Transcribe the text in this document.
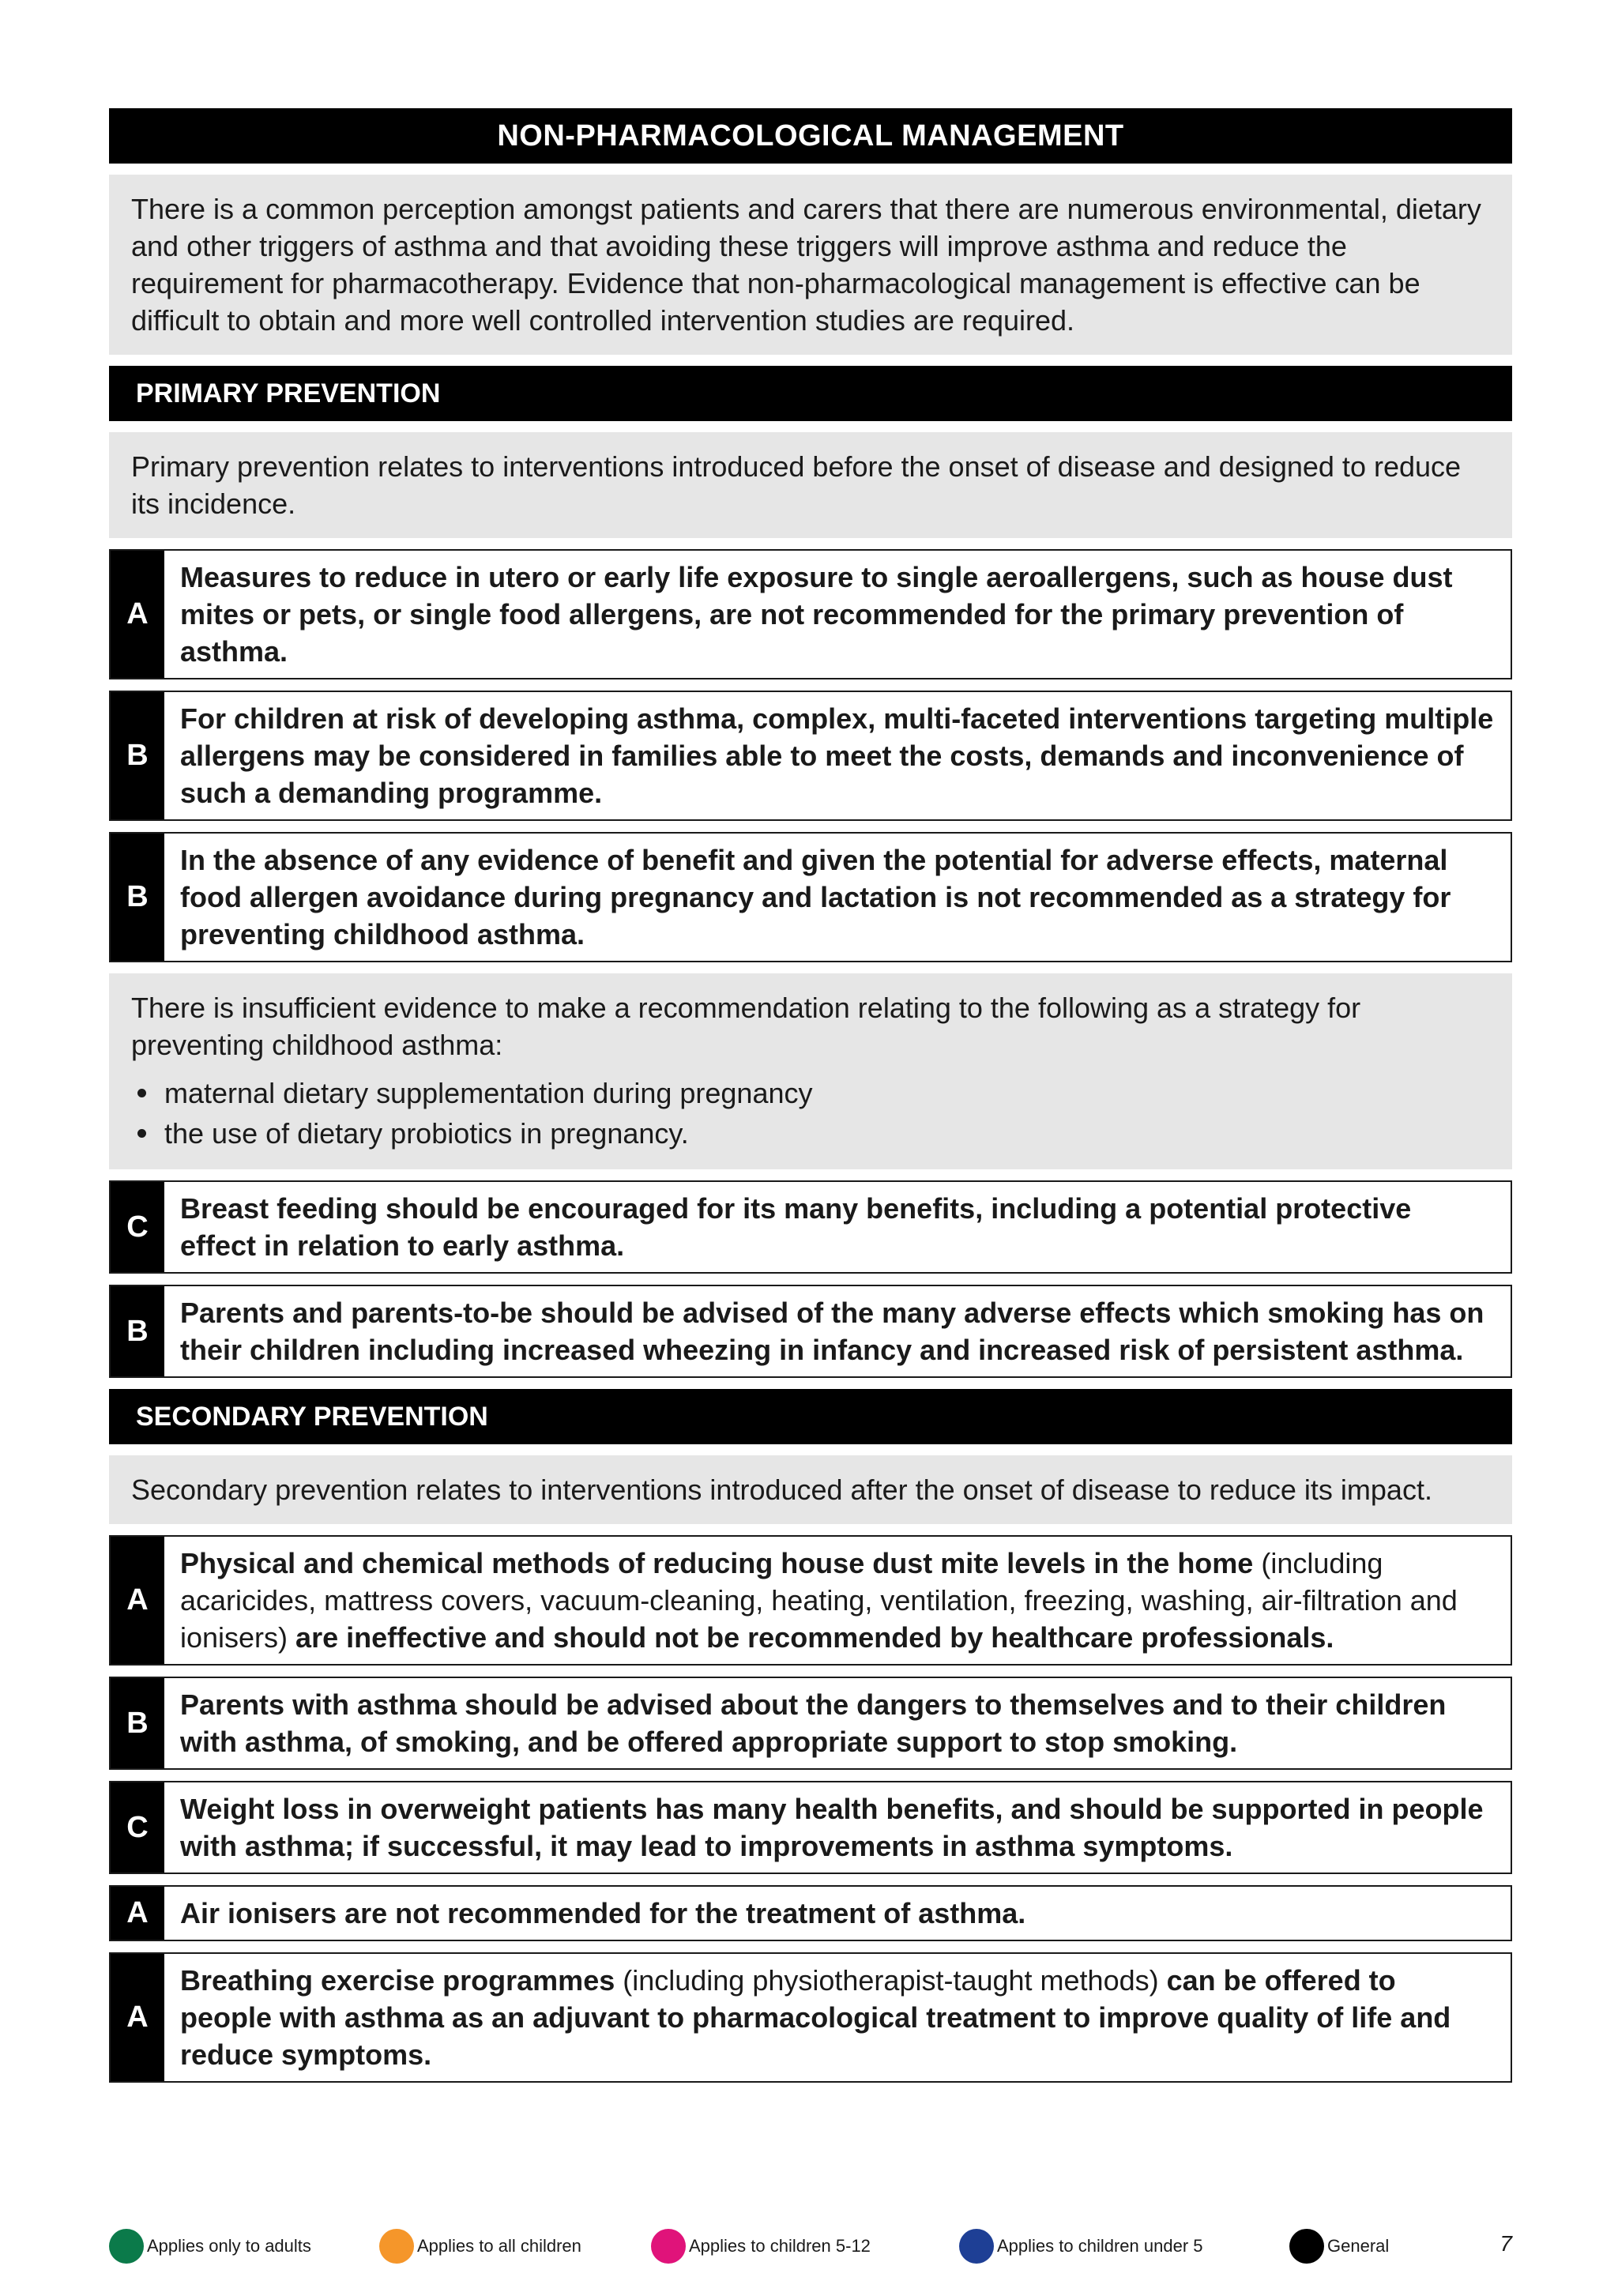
NON-PHARMACOLOGICAL MANAGEMENT

There is a common perception amongst patients and carers that there are numerous environmental, dietary and other triggers of asthma and that avoiding these triggers will improve asthma and reduce the requirement for pharmacotherapy. Evidence that non-pharmacological management is effective can be difficult to obtain and more well controlled intervention studies are required.

PRIMARY PREVENTION

Primary prevention relates to interventions introduced before the onset of disease and designed to reduce its incidence.

A
Measures to reduce in utero or early life exposure to single aeroallergens, such as house dust mites or pets, or single food allergens, are not recommended for the primary prevention of asthma.
B
For children at risk of developing asthma, complex, multi-faceted interventions targeting multiple allergens may be considered in families able to meet the costs, demands and inconvenience of such a demanding programme.
B
In the absence of any evidence of benefit and given the potential for adverse effects, maternal food allergen avoidance during pregnancy and lactation is not recommended as a strategy for preventing childhood asthma.

There is insufficient evidence to make a recommendation relating to the following as a strategy for preventing childhood asthma:

maternal dietary supplementation during pregnancy
the use of dietary probiotics in pregnancy.
C
Breast feeding should be encouraged for its many benefits, including a potential protective effect in relation to early asthma.
B
Parents and parents-to-be should be advised of the many adverse effects which smoking has on their children including increased wheezing in infancy and increased risk of persistent asthma.
SECONDARY PREVENTION

Secondary prevention relates to interventions introduced after the onset of disease to reduce its impact.

A
Physical and chemical methods of reducing house dust mite levels in the home (including acaricides, mattress covers, vacuum-cleaning, heating, ventilation, freezing, washing, air-filtration and ionisers) are ineffective and should not be recommended by healthcare professionals.
B
Parents with asthma should be advised about the dangers to themselves and to their children with asthma, of smoking, and be offered appropriate support to stop smoking.
C
Weight loss in overweight patients has many health benefits, and should be supported in people with asthma; if successful, it may lead to improvements in asthma symptoms.
A	Air ionisers are not recommended for the treatment of asthma.
A
Breathing exercise programmes (including physiotherapist-taught methods) can be offered to people with asthma as an adjuvant to pharmacological treatment to improve quality of life and reduce symptoms.
Applies only to adults	Applies to all children	Applies to children 5-12	Applies to children under 5	General	7
